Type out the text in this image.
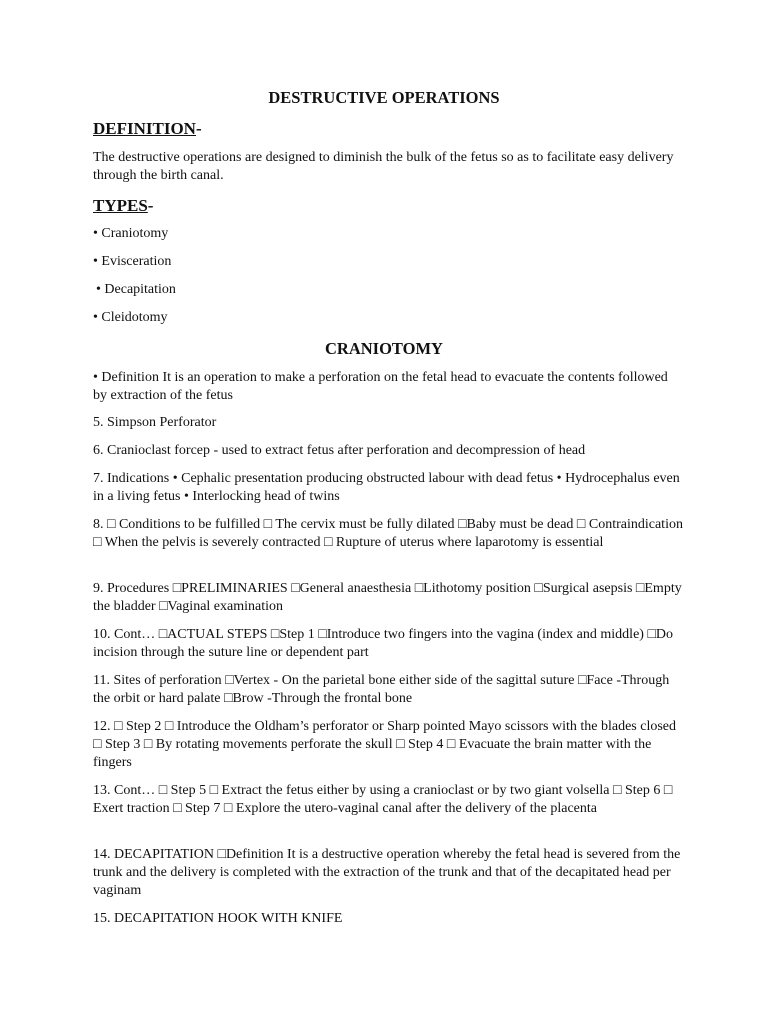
DESTRUCTIVE OPERATIONS
DEFINITION-

The destructive operations are designed to diminish the bulk of the fetus so as to facilitate easy delivery through the birth canal.

TYPES-
• Craniotomy
• Evisceration
• Decapitation
• Cleidotomy
CRANIOTOMY

• Definition It is an operation to make a perforation on the fetal head to evacuate the contents followed by extraction of the fetus

5. Simpson Perforator

6. Cranioclast forcep - used to extract fetus after perforation and decompression of head

7. Indications • Cephalic presentation producing obstructed labour with dead fetus • Hydrocephalus even in a living fetus • Interlocking head of twins

8. □ Conditions to be fulfilled □ The cervix must be fully dilated □Baby must be dead □ Contraindication □ When the pelvis is severely contracted □ Rupture of uterus where laparotomy is essential

9. Procedures □PRELIMINARIES □General anaesthesia □Lithotomy position □Surgical asepsis □Empty the bladder □Vaginal examination

10. Cont… □ACTUAL STEPS □Step 1 □Introduce two fingers into the vagina (index and middle) □Do incision through the suture line or dependent part

11. Sites of perforation □Vertex - On the parietal bone either side of the sagittal suture □Face -Through the orbit or hard palate □Brow -Through the frontal bone

12. □ Step 2 □ Introduce the Oldham’s perforator or Sharp pointed Mayo scissors with the blades closed □ Step 3 □ By rotating movements perforate the skull □ Step 4 □ Evacuate the brain matter with the fingers

13. Cont… □ Step 5 □ Extract the fetus either by using a cranioclast or by two giant volsella □ Step 6 □ Exert traction □ Step 7 □ Explore the utero-vaginal canal after the delivery of the placenta

14. DECAPITATION □Definition It is a destructive operation whereby the fetal head is severed from the trunk and the delivery is completed with the extraction of the trunk and that of the decapitated head per vaginam

15. DECAPITATION HOOK WITH KNIFE
